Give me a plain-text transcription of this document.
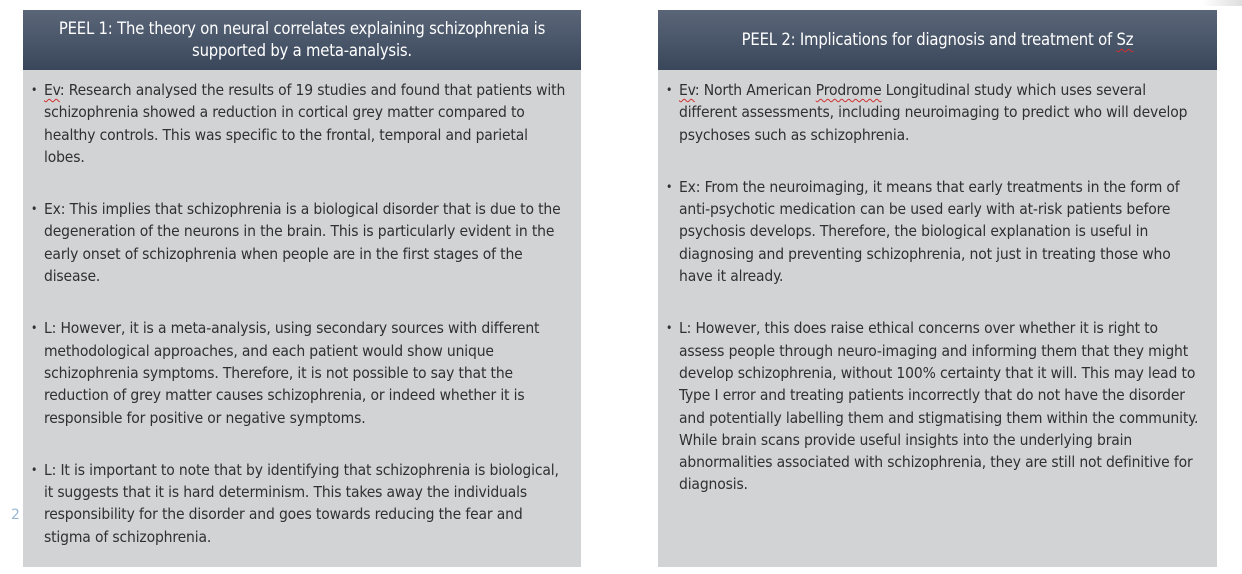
PEEL 1: The theory on neural correlates explaining schizophrenia is supported by a meta-analysis.
• Ev: Research analysed the results of 19 studies and found that patients with schizophrenia showed a reduction in cortical grey matter compared to healthy controls. This was specific to the frontal, temporal and parietal lobes.
• Ex: This implies that schizophrenia is a biological disorder that is due to the degeneration of the neurons in the brain. This is particularly evident in the early onset of schizophrenia when people are in the first stages of the disease.
• L: However, it is a meta-analysis, using secondary sources with different methodological approaches, and each patient would show unique schizophrenia symptoms. Therefore, it is not possible to say that the reduction of grey matter causes schizophrenia, or indeed whether it is responsible for positive or negative symptoms.
• L: It is important to note that by identifying that schizophrenia is biological, it suggests that it is hard determinism. This takes away the individuals responsibility for the disorder and goes towards reducing the fear and stigma of schizophrenia.
PEEL 2: Implications for diagnosis and treatment of Sz
• Ev: North American Prodrome Longitudinal study which uses several different assessments, including neuroimaging to predict who will develop psychoses such as schizophrenia.
• Ex: From the neuroimaging, it means that early treatments in the form of anti-psychotic medication can be used early with at-risk patients before psychosis develops. Therefore, the biological explanation is useful in diagnosing and preventing schizophrenia, not just in treating those who have it already.
• L: However, this does raise ethical concerns over whether it is right to assess people through neuro-imaging and informing them that they might develop schizophrenia, without 100% certainty that it will. This may lead to Type I error and treating patients incorrectly that do not have the disorder and potentially labelling them and stigmatising them within the community. While brain scans provide useful insights into the underlying brain abnormalities associated with schizophrenia, they are still not definitive for diagnosis.
2
